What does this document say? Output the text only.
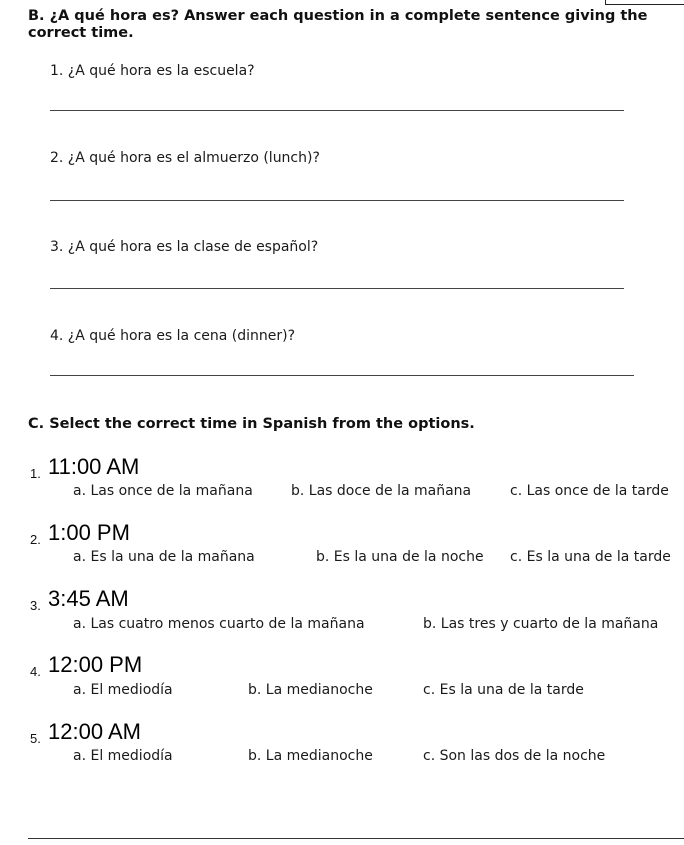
B. ¿A qué hora es? Answer each question in a complete sentence giving the correct time.
1. ¿A qué hora es la escuela?
2. ¿A qué hora es el almuerzo (lunch)?
3. ¿A qué hora es la clase de español?
4. ¿A qué hora es la cena (dinner)?
C. Select the correct time in Spanish from the options.
1. 11:00 AM
a. Las once de la mañana	b. Las doce de la mañana	c. Las once de la tarde
2. 1:00 PM
a. Es la una de la mañana	b. Es la una de la noche c. Es la una de la tarde
3. 3:45 AM
a. Las cuatro menos cuarto de la mañana	b. Las tres y cuarto de la mañana
4. 12:00 PM
a. El mediodía	b. La medianoche	c. Es la una de la tarde
5. 12:00 AM
a. El mediodía	b. La medianoche	c. Son las dos de la noche
